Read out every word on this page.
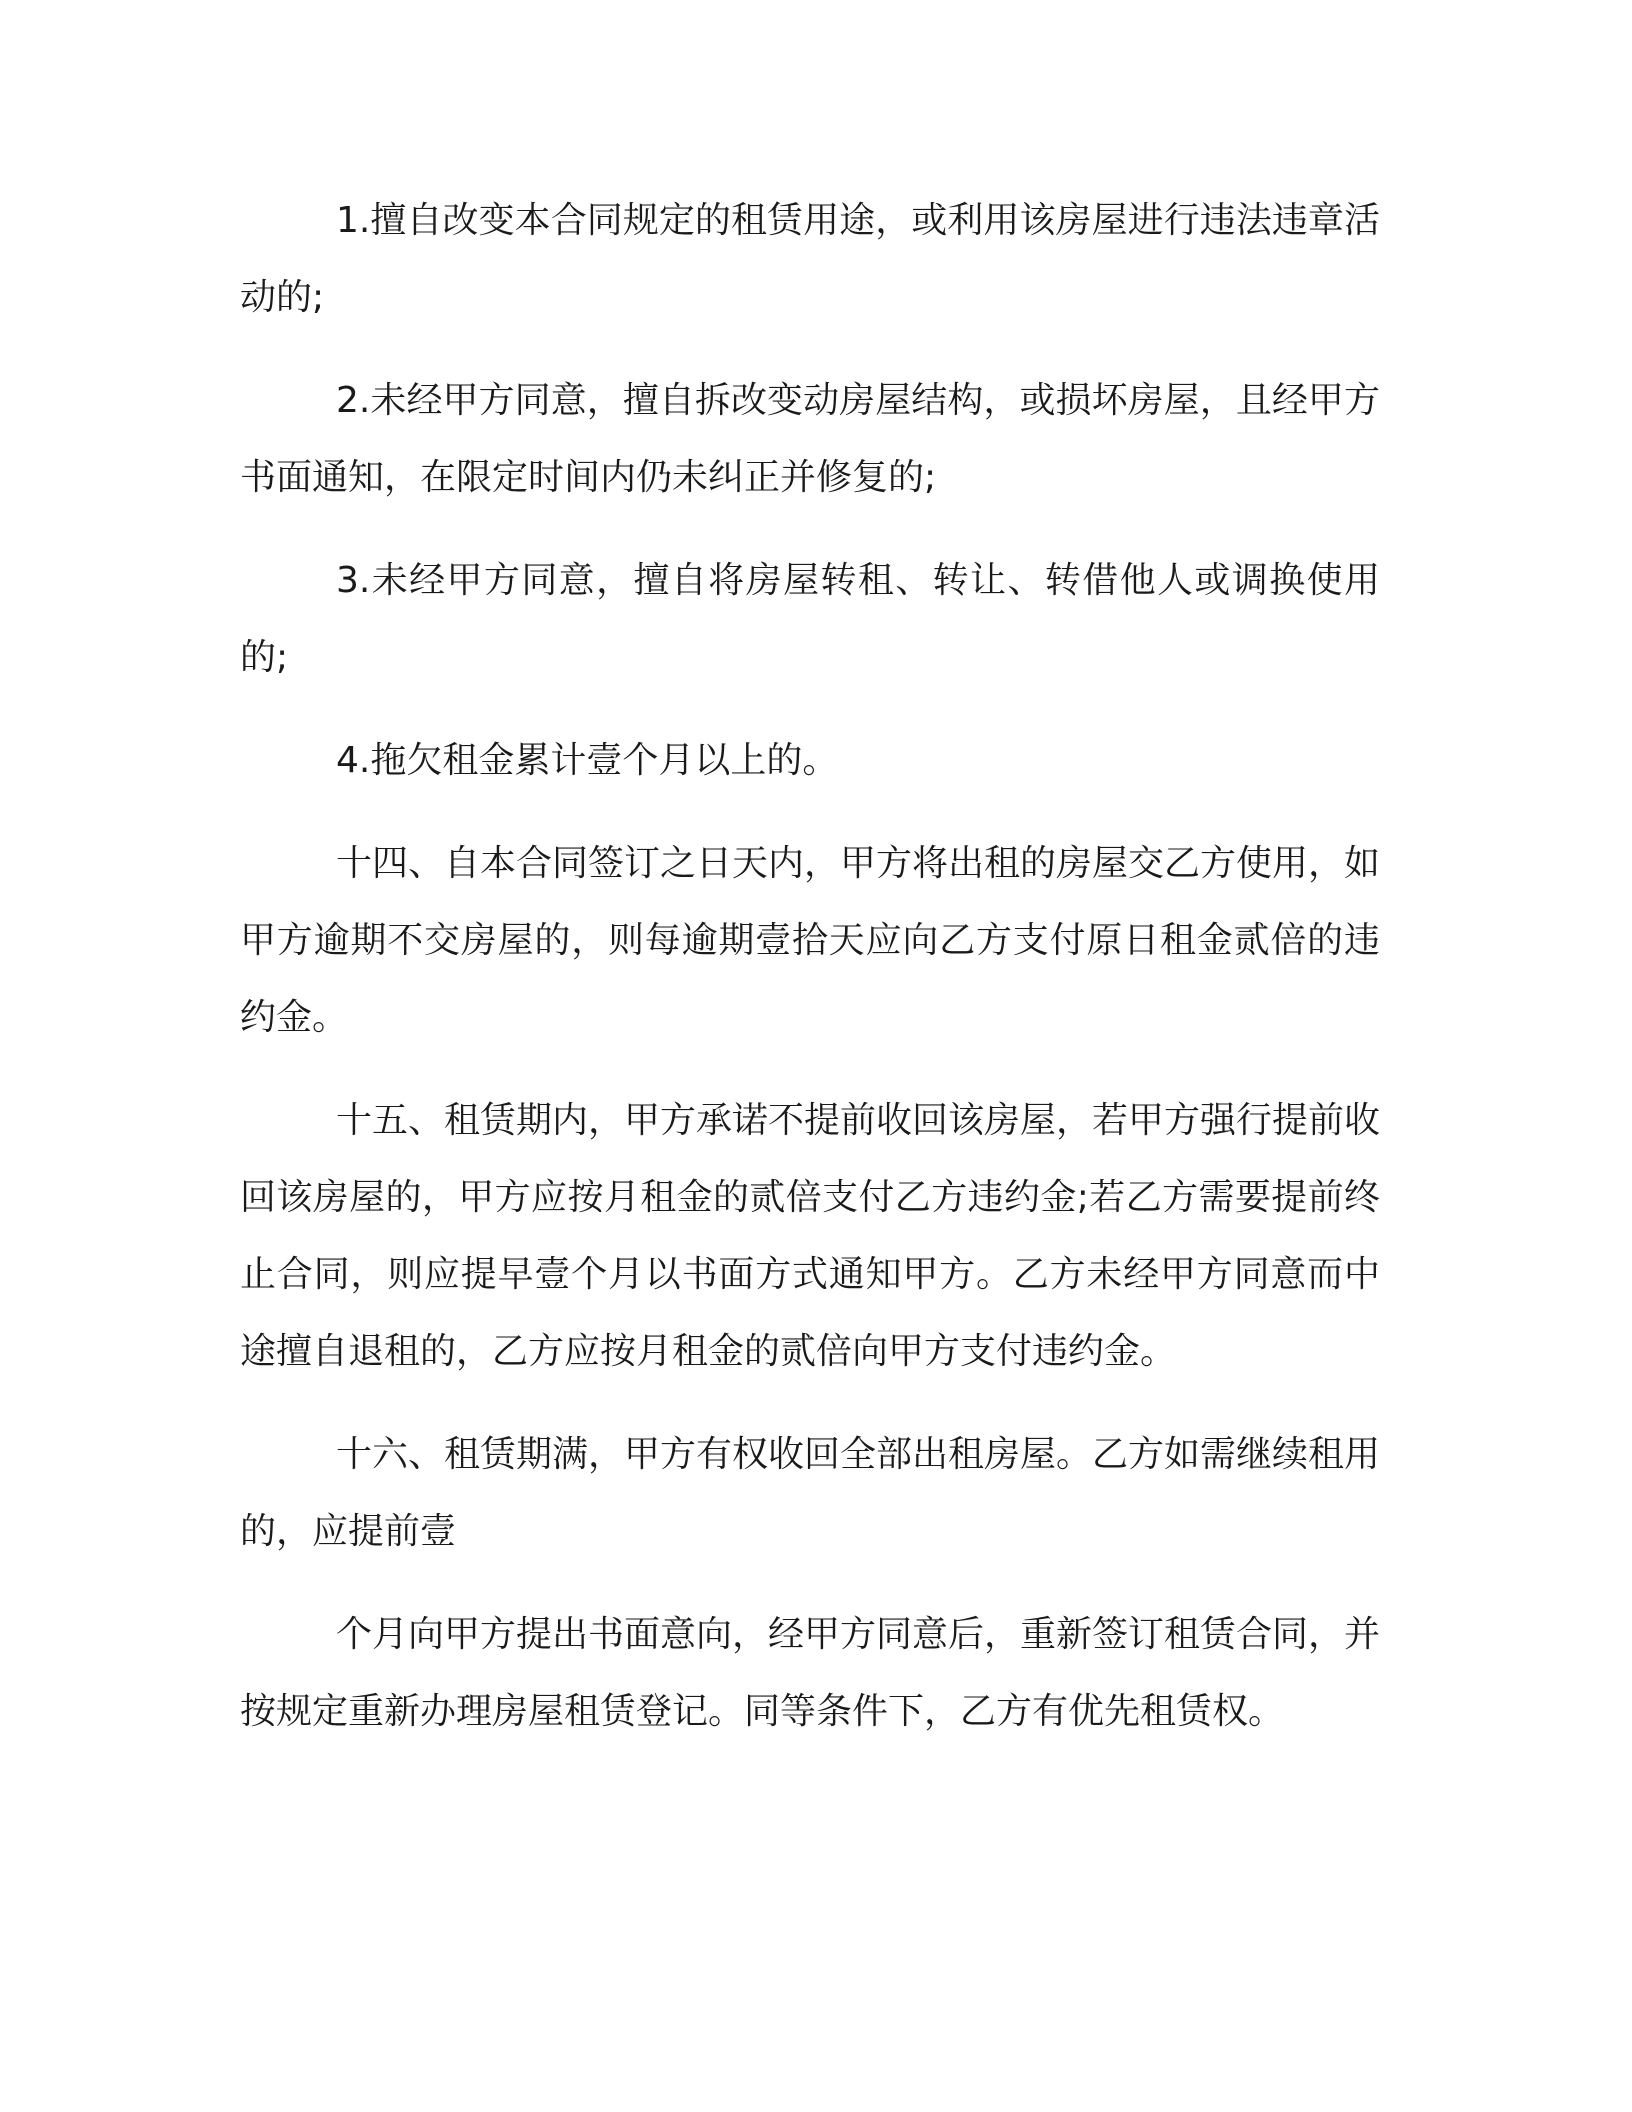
1.擅自改变本合同规定的租赁用途，或利用该房屋进行违法违章活动的;

2.未经甲方同意，擅自拆改变动房屋结构，或损坏房屋，且经甲方书面通知，在限定时间内仍未纠正并修复的;

3.未经甲方同意，擅自将房屋转租、转让、转借他人或调换使用的;

4.拖欠租金累计壹个月以上的。

十四、自本合同签订之日天内，甲方将出租的房屋交乙方使用，如甲方逾期不交房屋的，则每逾期壹拾天应向乙方支付原日租金贰倍的违约金。

十五、租赁期内，甲方承诺不提前收回该房屋，若甲方强行提前收回该房屋的，甲方应按月租金的贰倍支付乙方违约金;若乙方需要提前终止合同，则应提早壹个月以书面方式通知甲方。乙方未经甲方同意而中途擅自退租的，乙方应按月租金的贰倍向甲方支付违约金。

十六、租赁期满，甲方有权收回全部出租房屋。乙方如需继续租用的，应提前壹

个月向甲方提出书面意向，经甲方同意后，重新签订租赁合同，并按规定重新办理房屋租赁登记。同等条件下，乙方有优先租赁权。
